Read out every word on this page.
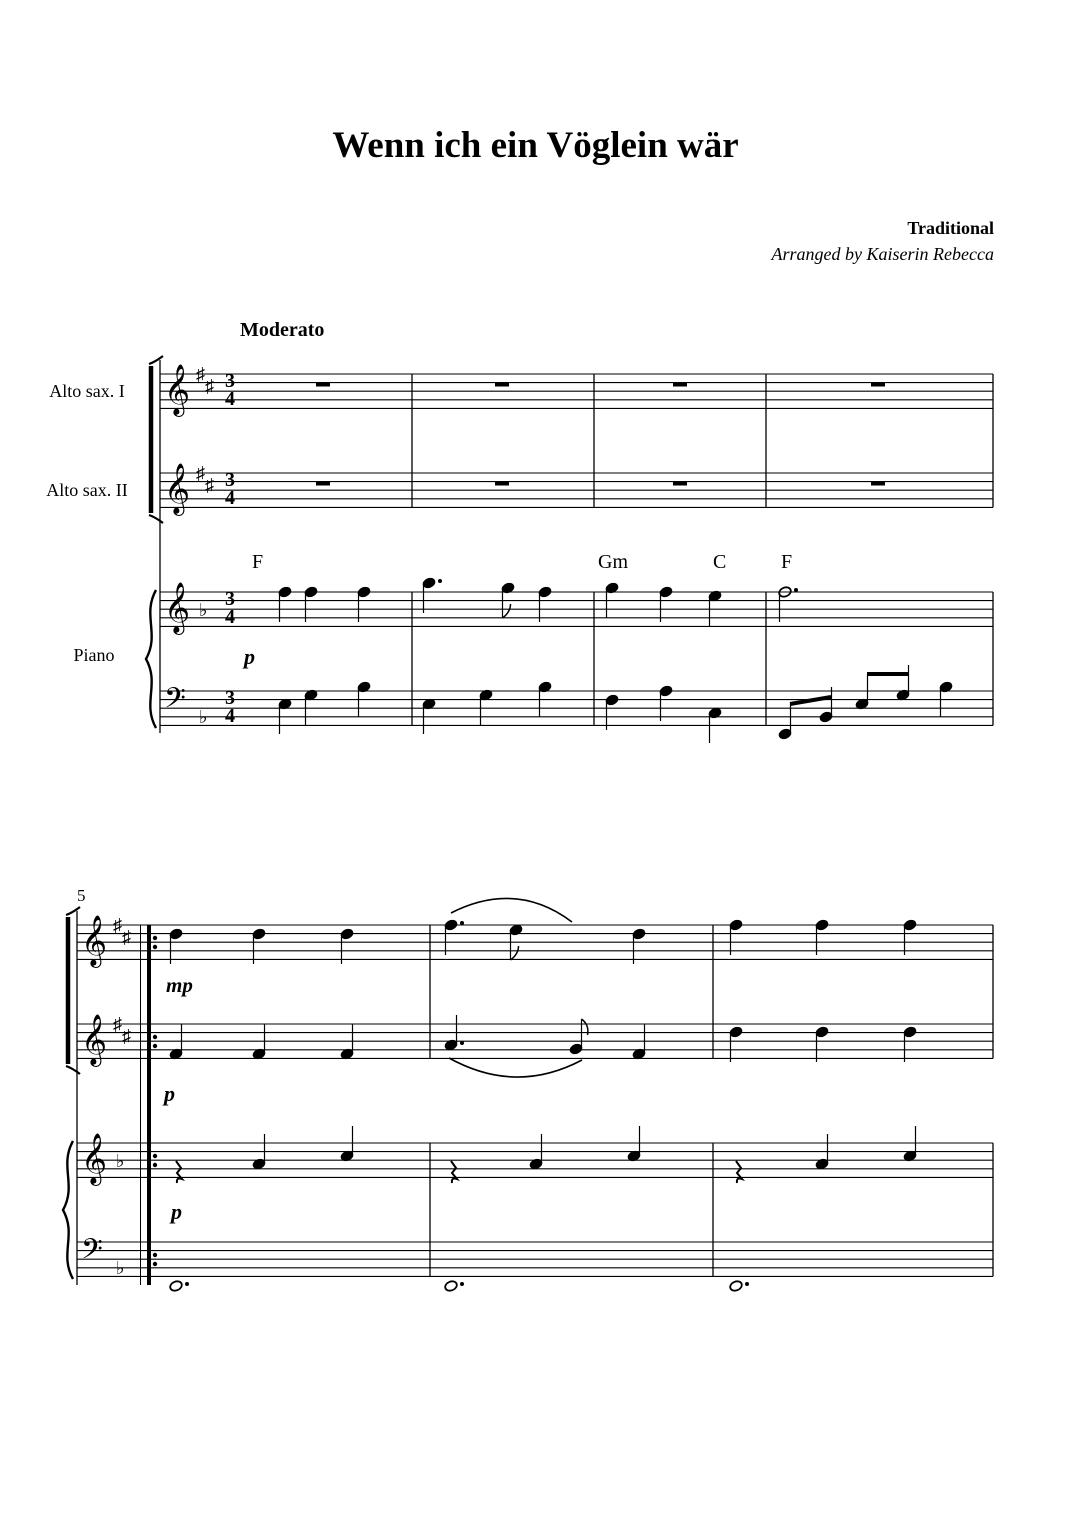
Wenn ich ein Vöglein wär
Traditional
Arranged by Kaiserin Rebecca
Moderato
Alto sax. I
Alto sax. II
Piano
F	Gm	C	F
p
mp
p
p
5
3
4
3
4
3
4
3
4
𝄞 ♯
♯
𝄞 ♯
♯
𝄞 ♭
𝄢 ♭
𝄞 ♯
♯
𝄞 ♯
♯
𝄞 ♭
𝄢 ♭
